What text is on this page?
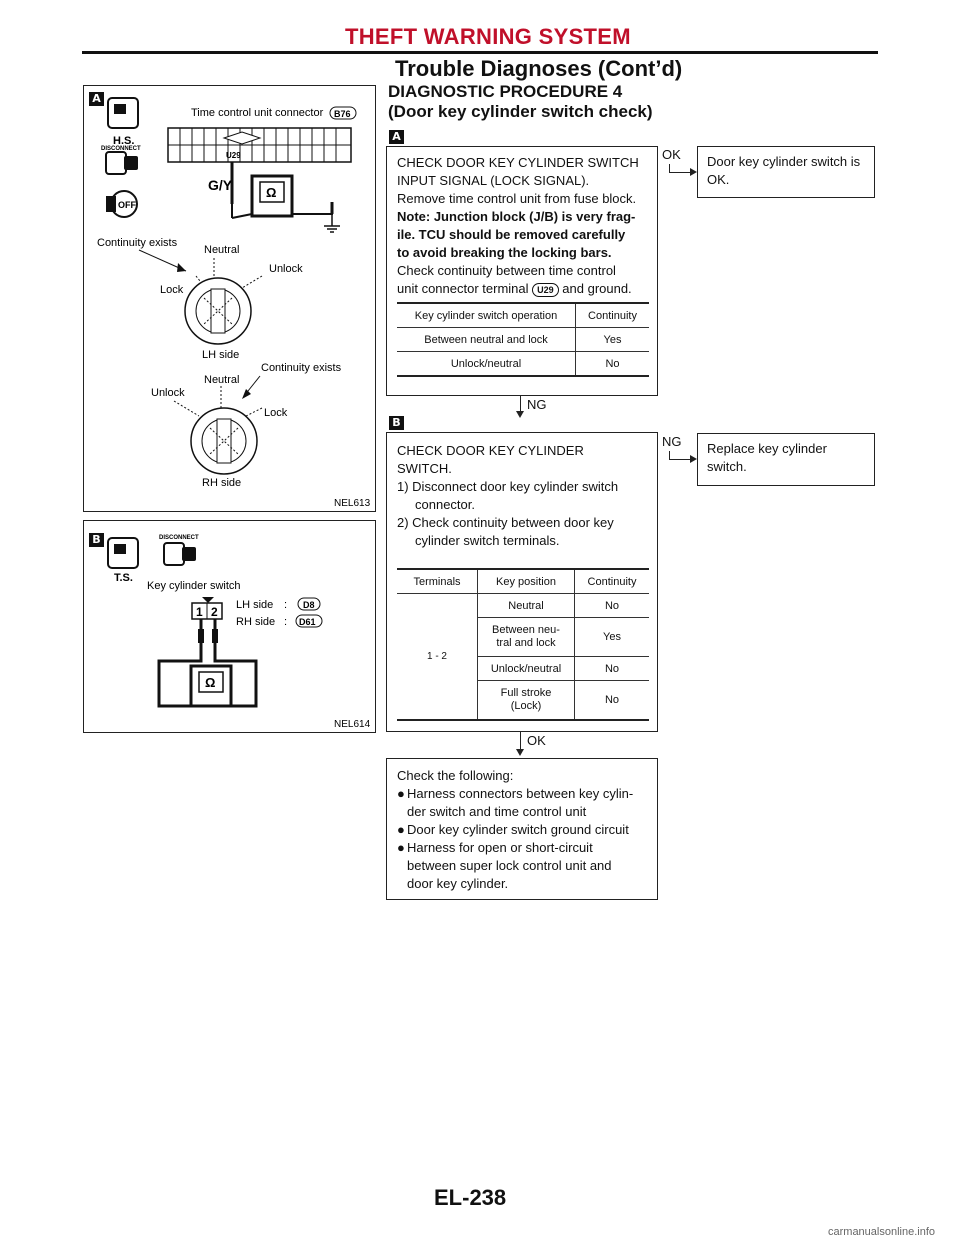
THEFT WARNING SYSTEM
Trouble Diagnoses (Cont’d)
A
H.S.
DISCONNECT
OFF
Time control unit connector B76
U29
G/Y	Ω
Continuity exists
Neutral
Unlock
Lock
LH side
Neutral
Continuity exists
Unlock
Lock
RH side
NEL613
B
T.S.
DISCONNECT
Key cylinder switch
LH side : D8
RH side : D61
1 2
Ω
NEL614
DIAGNOSTIC PROCEDURE 4
(Door key cylinder switch check)
A
CHECK DOOR KEY CYLINDER SWITCH
INPUT SIGNAL (LOCK SIGNAL).
Remove time control unit from fuse block.
Note: Junction block (J/B) is very frag-
ile. TCU should be removed carefully
to avoid breaking the locking bars.
Check continuity between time control
unit connector terminal U29 and ground.
Key cylinder switch operation	Continuity
Between neutral and lock	Yes
Unlock/neutral	No
OK Door key cylinder switch is
OK.
NG
B
CHECK DOOR KEY CYLINDER
SWITCH.
1) Disconnect door key cylinder switch
connector.
2) Check continuity between door key
cylinder switch terminals.
Terminals	Key position	Continuity
1 - 2	Neutral	No
	Between neu-
tral and lock	Yes
	Unlock/neutral	No
	Full stroke
(Lock)	No
NG Replace key cylinder
switch.
OK
Check the following:
● Harness connectors between key cylin-
der switch and time control unit
● Door key cylinder switch ground circuit
● Harness for open or short-circuit
between super lock control unit and
door key cylinder.
EL-238
carmanualsonline.info
